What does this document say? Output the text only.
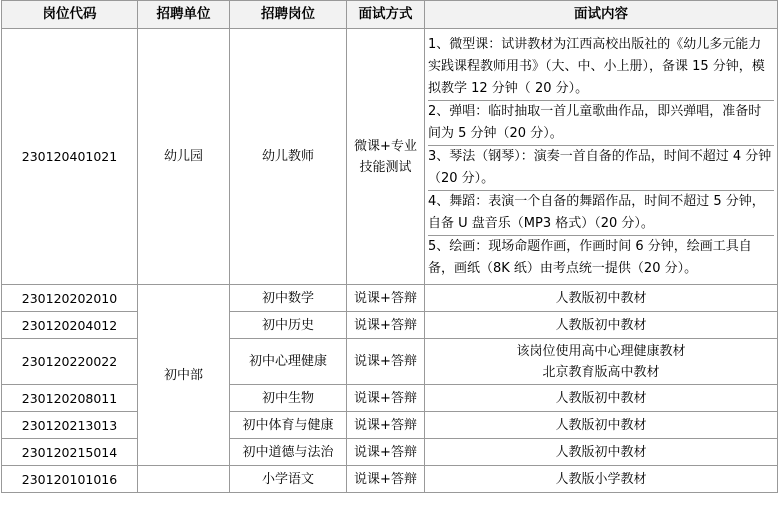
岗位代码	招聘单位	招聘岗位	面试方式	面试内容
230120401021	幼儿园	幼儿教师	微课+专业技能测试	1、微型课：试讲教材为江西高校出版社的《幼儿多元能力实践课程教师用书》（大、中、小上册），备课 15 分钟，模拟教学 12 分钟（ 20 分）。
2、弹唱：临时抽取一首儿童歌曲作品，即兴弹唱，准备时间为 5 分钟（20 分）。
3、琴法（钢琴）：演奏一首自备的作品，时间不超过 4 分钟（20 分）。
4、舞蹈：表演一个自备的舞蹈作品，时间不超过 5 分钟，自备 U 盘音乐（MP3 格式）（20 分）。
5、绘画：现场命题作画，作画时间 6 分钟，绘画工具自备，画纸（8K 纸）由考点统一提供（20 分）。

230120202010	初中部	初中数学	说课+答辩	人教版初中教材
230120204012		初中历史	说课+答辩	人教版初中教材
230120220022		初中心理健康	说课+答辩	该岗位使用高中心理健康教材
北京教育版高中教材

230120208011		初中生物	说课+答辩	人教版初中教材
230120213013		初中体育与健康	说课+答辩	人教版初中教材
230120215014		初中道德与法治	说课+答辩	人教版初中教材
230120101016		小学语文	说课+答辩	人教版小学教材
